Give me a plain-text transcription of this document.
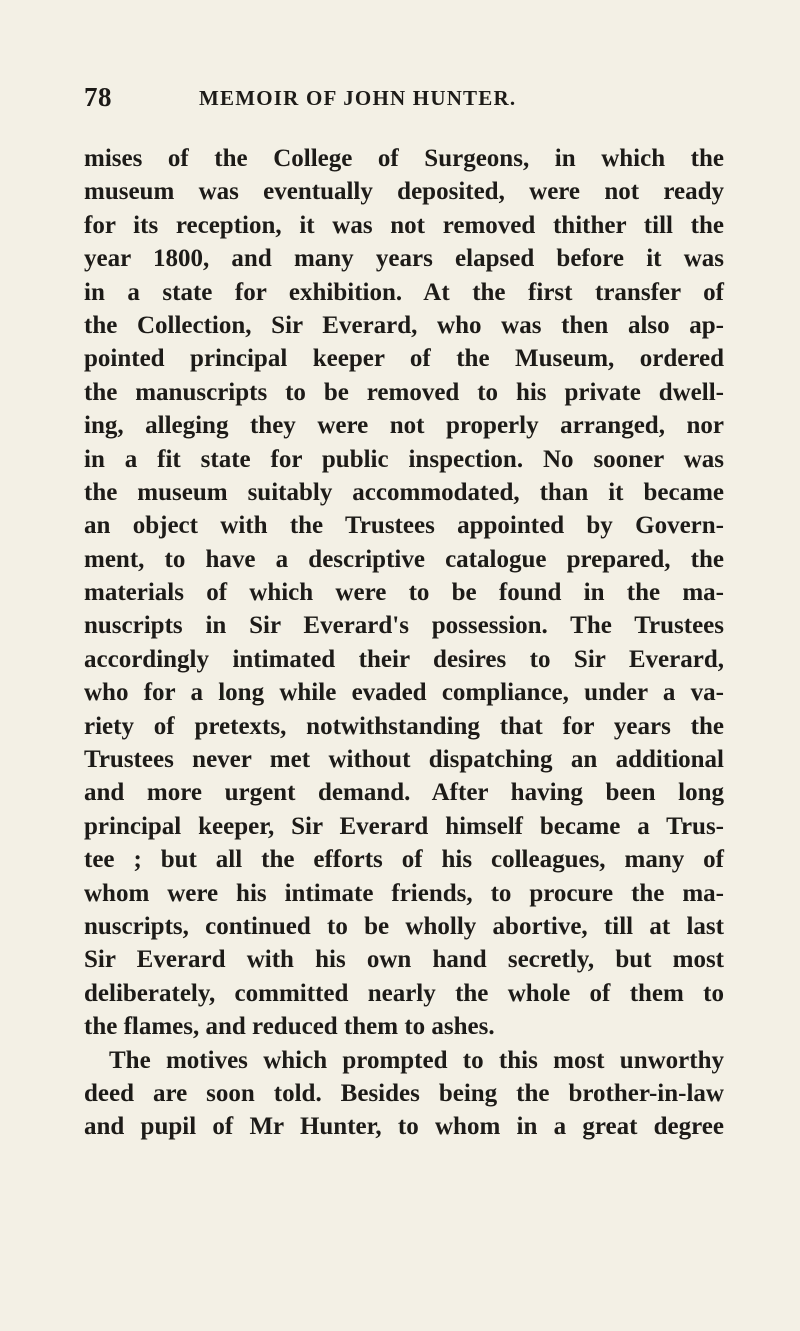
78	MEMOIR OF JOHN HUNTER.
mises of the College of Surgeons, in which the
museum was eventually deposited, were not ready
for its reception, it was not removed thither till the
year 1800, and many years elapsed before it was
in a state for exhibition. At the first transfer of
the Collection, Sir Everard, who was then also ap-
pointed principal keeper of the Museum, ordered
the manuscripts to be removed to his private dwell-
ing, alleging they were not properly arranged, nor
in a fit state for public inspection. No sooner was
the museum suitably accommodated, than it became
an object with the Trustees appointed by Govern-
ment, to have a descriptive catalogue prepared, the
materials of which were to be found in the ma-
nuscripts in Sir Everard's possession. The Trustees
accordingly intimated their desires to Sir Everard,
who for a long while evaded compliance, under a va-
riety of pretexts, notwithstanding that for years the
Trustees never met without dispatching an additional
and more urgent demand. After having been long
principal keeper, Sir Everard himself became a Trus-
tee ; but all the efforts of his colleagues, many of
whom were his intimate friends, to procure the ma-
nuscripts, continued to be wholly abortive, till at last
Sir Everard with his own hand secretly, but most
deliberately, committed nearly the whole of them to
the flames, and reduced them to ashes.
The motives which prompted to this most unworthy
deed are soon told. Besides being the brother-in-law
and pupil of Mr Hunter, to whom in a great degree
